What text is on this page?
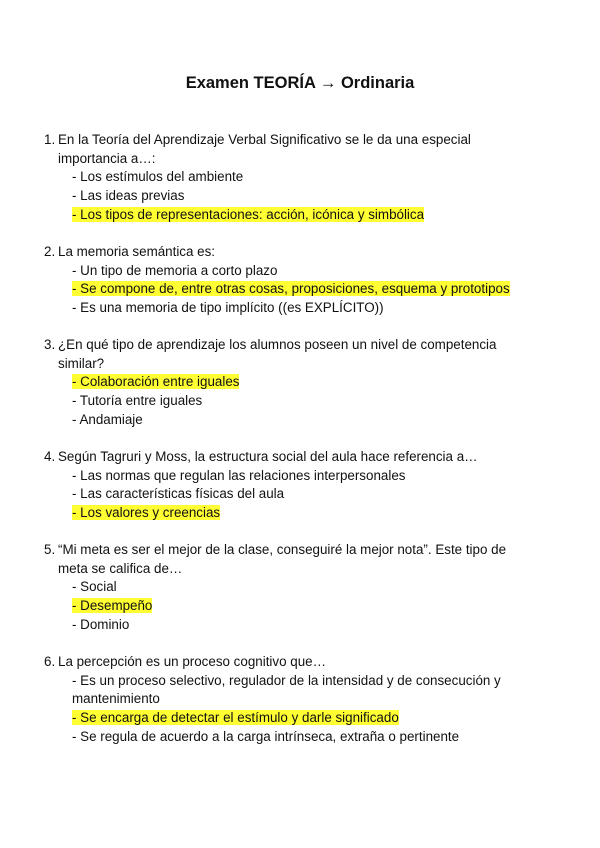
Examen TEORÍA → Ordinaria
1. En la Teoría del Aprendizaje Verbal Significativo se le da una especial
importancia a…:
- Los estímulos del ambiente
- Las ideas previas
- Los tipos de representaciones: acción, icónica y simbólica
2. La memoria semántica es:
- Un tipo de memoria a corto plazo
- Se compone de, entre otras cosas, proposiciones, esquema y prototipos
- Es una memoria de tipo implícito ((es EXPLÍCITO))
3. ¿En qué tipo de aprendizaje los alumnos poseen un nivel de competencia
similar?
- Colaboración entre iguales
- Tutoría entre iguales
- Andamiaje
4. Según Tagruri y Moss, la estructura social del aula hace referencia a…
- Las normas que regulan las relaciones interpersonales
- Las características físicas del aula
- Los valores y creencias
5. “Mi meta es ser el mejor de la clase, conseguiré la mejor nota”. Este tipo de
meta se califica de…
- Social
- Desempeño
- Dominio
6. La percepción es un proceso cognitivo que…
- Es un proceso selectivo, regulador de la intensidad y de consecución y
mantenimiento
- Se encarga de detectar el estímulo y darle significado
- Se regula de acuerdo a la carga intrínseca, extraña o pertinente
